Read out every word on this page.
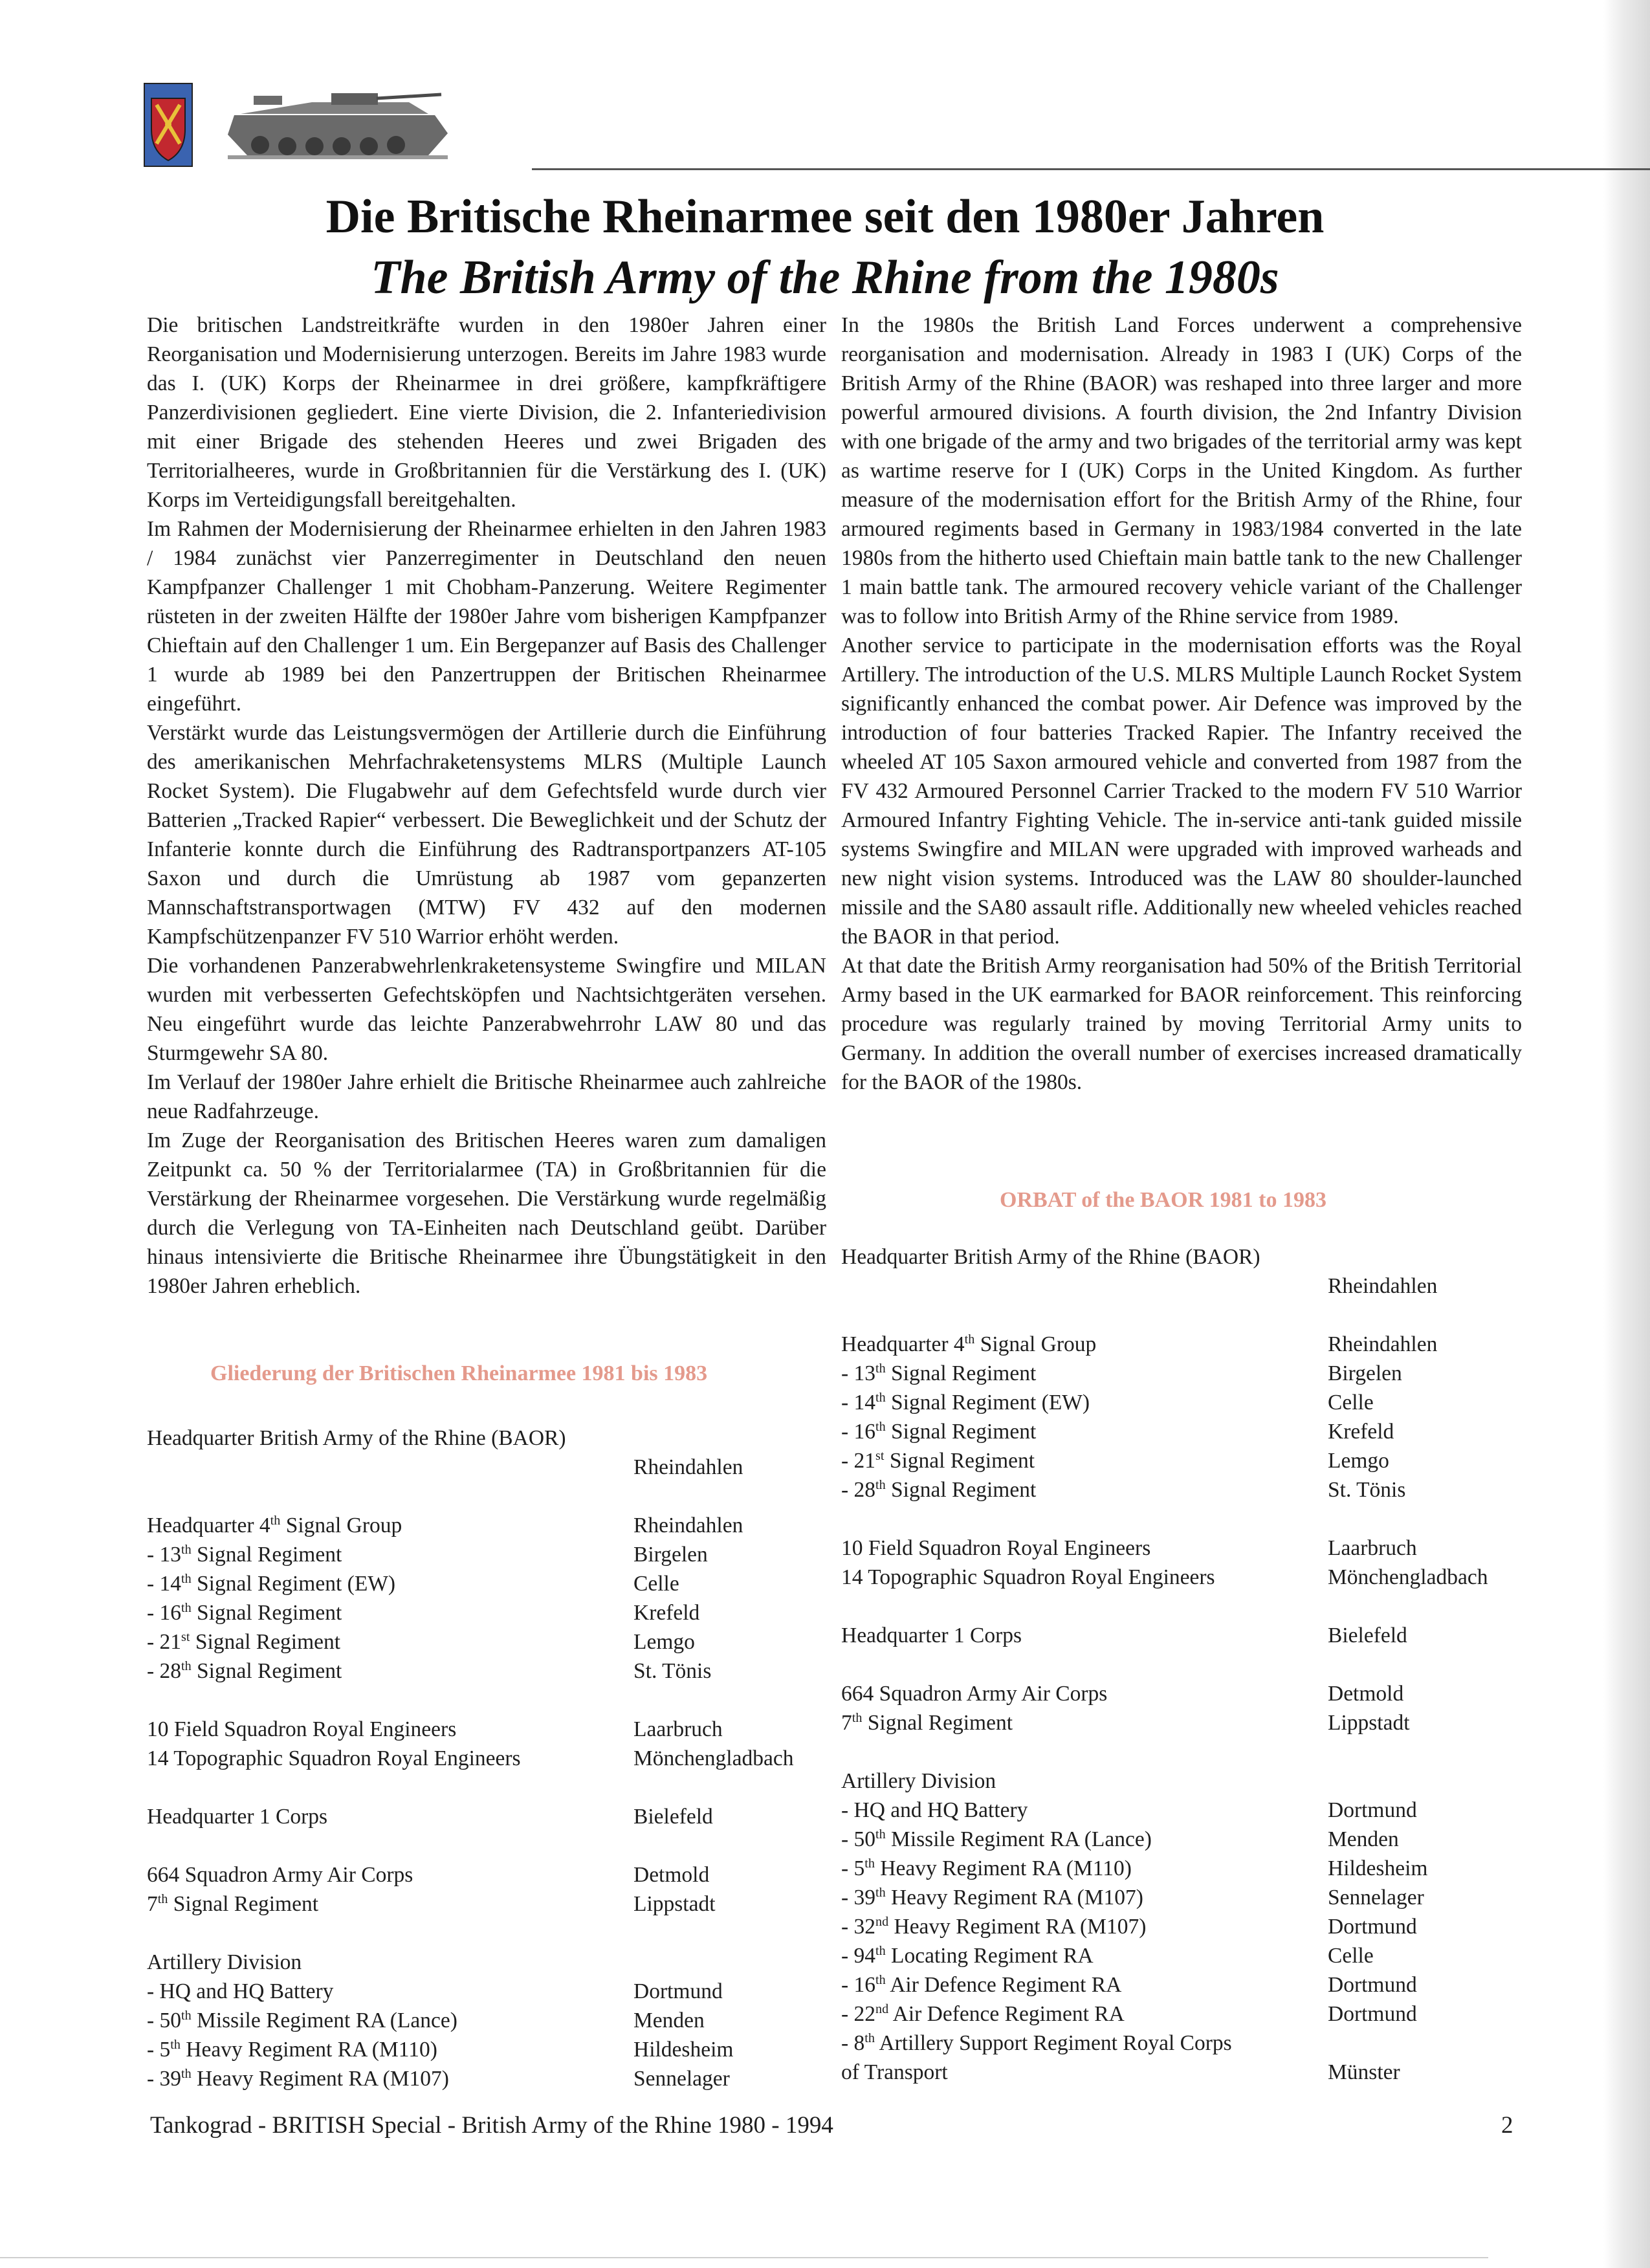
Die Britische Rheinarmee seit den 1980er Jahren
The British Army of the Rhine from the 1980s

Die britischen Landstreitkräfte wurden in den 1980er Jahren einer Reorganisation und Modernisierung unterzogen. Bereits im Jahre 1983 wurde das I. (UK) Korps der Rheinarmee in drei größere, kampfkräftigere Panzerdivisionen gegliedert. Eine vierte Division, die 2. Infanteriedivision mit einer Brigade des stehenden Heeres und zwei Brigaden des Territorialheeres, wurde in Großbritannien für die Verstärkung des I. (UK) Korps im Verteidigungsfall bereitgehalten.

Im Rahmen der Modernisierung der Rheinarmee erhielten in den Jahren 1983 / 1984 zunächst vier Panzerregimenter in Deutschland den neuen Kampfpanzer Challenger 1 mit Chobham-Panzerung. Weitere Regimenter rüsteten in der zweiten Hälfte der 1980er Jahre vom bisherigen Kampfpanzer Chieftain auf den Challenger 1 um. Ein Bergepanzer auf Basis des Challenger 1 wurde ab 1989 bei den Panzertruppen der Britischen Rheinarmee eingeführt.

Verstärkt wurde das Leistungsvermögen der Artillerie durch die Einführung des amerikanischen Mehrfachraketensystems MLRS (Multiple Launch Rocket System). Die Flugabwehr auf dem Gefechtsfeld wurde durch vier Batterien „Tracked Rapier“ verbessert. Die Beweglichkeit und der Schutz der Infanterie konnte durch die Einführung des Radtransportpanzers AT-105 Saxon und durch die Umrüstung ab 1987 vom gepanzerten Mannschaftstransportwagen (MTW) FV 432 auf den modernen Kampfschützenpanzer FV 510 Warrior erhöht werden.

Die vorhandenen Panzerabwehrlenkraketensysteme Swingfire und MILAN wurden mit verbesserten Gefechtsköpfen und Nachtsichtgeräten versehen. Neu eingeführt wurde das leichte Panzerabwehrrohr LAW 80 und das Sturmgewehr SA 80.

Im Verlauf der 1980er Jahre erhielt die Britische Rheinarmee auch zahlreiche neue Radfahrzeuge.

Im Zuge der Reorganisation des Britischen Heeres waren zum damaligen Zeitpunkt ca. 50 % der Territorialarmee (TA) in Großbritannien für die Verstärkung der Rheinarmee vorgesehen. Die Verstärkung wurde regelmäßig durch die Verlegung von TA-Einheiten nach Deutschland geübt. Darüber hinaus intensivierte die Britische Rheinarmee ihre Übungstätigkeit in den 1980er Jahren erheblich.

In the 1980s the British Land Forces underwent a comprehensive reorganisation and modernisation. Already in 1983 I (UK) Corps of the British Army of the Rhine (BAOR) was reshaped into three larger and more powerful armoured divisions. A fourth division, the 2nd Infantry Division with one brigade of the army and two brigades of the territorial army was kept as wartime reserve for I (UK) Corps in the United Kingdom. As further measure of the modernisation effort for the British Army of the Rhine, four armoured regiments based in Germany in 1983/1984 converted in the late 1980s from the hitherto used Chieftain main battle tank to the new Challenger 1 main battle tank. The armoured recovery vehicle variant of the Challenger was to follow into British Army of the Rhine service from 1989.

Another service to participate in the modernisation efforts was the Royal Artillery. The introduction of the U.S. MLRS Multiple Launch Rocket System significantly enhanced the combat power. Air Defence was improved by the introduction of four batteries Tracked Rapier. The Infantry received the wheeled AT 105 Saxon armoured vehicle and converted from 1987 from the FV 432 Armoured Personnel Carrier Tracked to the modern FV 510 Warrior Armoured Infantry Fighting Vehicle. The in-service anti-tank guided missile systems Swingfire and MILAN were upgraded with improved warheads and new night vision systems. Introduced was the LAW 80 shoulder-launched missile and the SA80 assault rifle. Additionally new wheeled vehicles reached the BAOR in that period.

At that date the British Army reorganisation had 50% of the British Territorial Army based in the UK earmarked for BAOR reinforcement. This reinforcing procedure was regularly trained by moving Territorial Army units to Germany. In addition the overall number of exercises increased dramatically for the BAOR of the 1980s.

Gliederung der Britischen Rheinarmee 1981 bis 1983
Headquarter British Army of the Rhine (BAOR)
Rheindahlen
Headquarter 4th Signal Group	Rheindahlen
- 13th Signal Regiment	Birgelen
- 14th Signal Regiment (EW)	Celle
- 16th Signal Regiment	Krefeld
- 21st Signal Regiment	Lemgo
- 28th Signal Regiment	St. Tönis
10 Field Squadron Royal Engineers	Laarbruch
14 Topographic Squadron Royal Engineers	Mönchengladbach
Headquarter 1 Corps	Bielefeld
664 Squadron Army Air Corps	Detmold
7th Signal Regiment	Lippstadt
Artillery Division
- HQ and HQ Battery	Dortmund
- 50th Missile Regiment RA (Lance)	Menden
- 5th Heavy Regiment RA (M110)	Hildesheim
- 39th Heavy Regiment RA (M107)	Sennelager
ORBAT of the BAOR 1981 to 1983
Headquarter British Army of the Rhine (BAOR)
Rheindahlen
Headquarter 4th Signal Group	Rheindahlen
- 13th Signal Regiment	Birgelen
- 14th Signal Regiment (EW)	Celle
- 16th Signal Regiment	Krefeld
- 21st Signal Regiment	Lemgo
- 28th Signal Regiment	St. Tönis
10 Field Squadron Royal Engineers	Laarbruch
14 Topographic Squadron Royal Engineers	Mönchengladbach
Headquarter 1 Corps	Bielefeld
664 Squadron Army Air Corps	Detmold
7th Signal Regiment	Lippstadt
Artillery Division
- HQ and HQ Battery	Dortmund
- 50th Missile Regiment RA (Lance)	Menden
- 5th Heavy Regiment RA (M110)	Hildesheim
- 39th Heavy Regiment RA (M107)	Sennelager
- 32nd Heavy Regiment RA (M107)	Dortmund
- 94th Locating Regiment RA	Celle
- 16th Air Defence Regiment RA	Dortmund
- 22nd Air Defence Regiment RA	Dortmund
- 8th Artillery Support Regiment Royal Corps
of Transport	Münster
Tankograd - BRITISH Special - British Army of the Rhine 1980 - 1994	2
